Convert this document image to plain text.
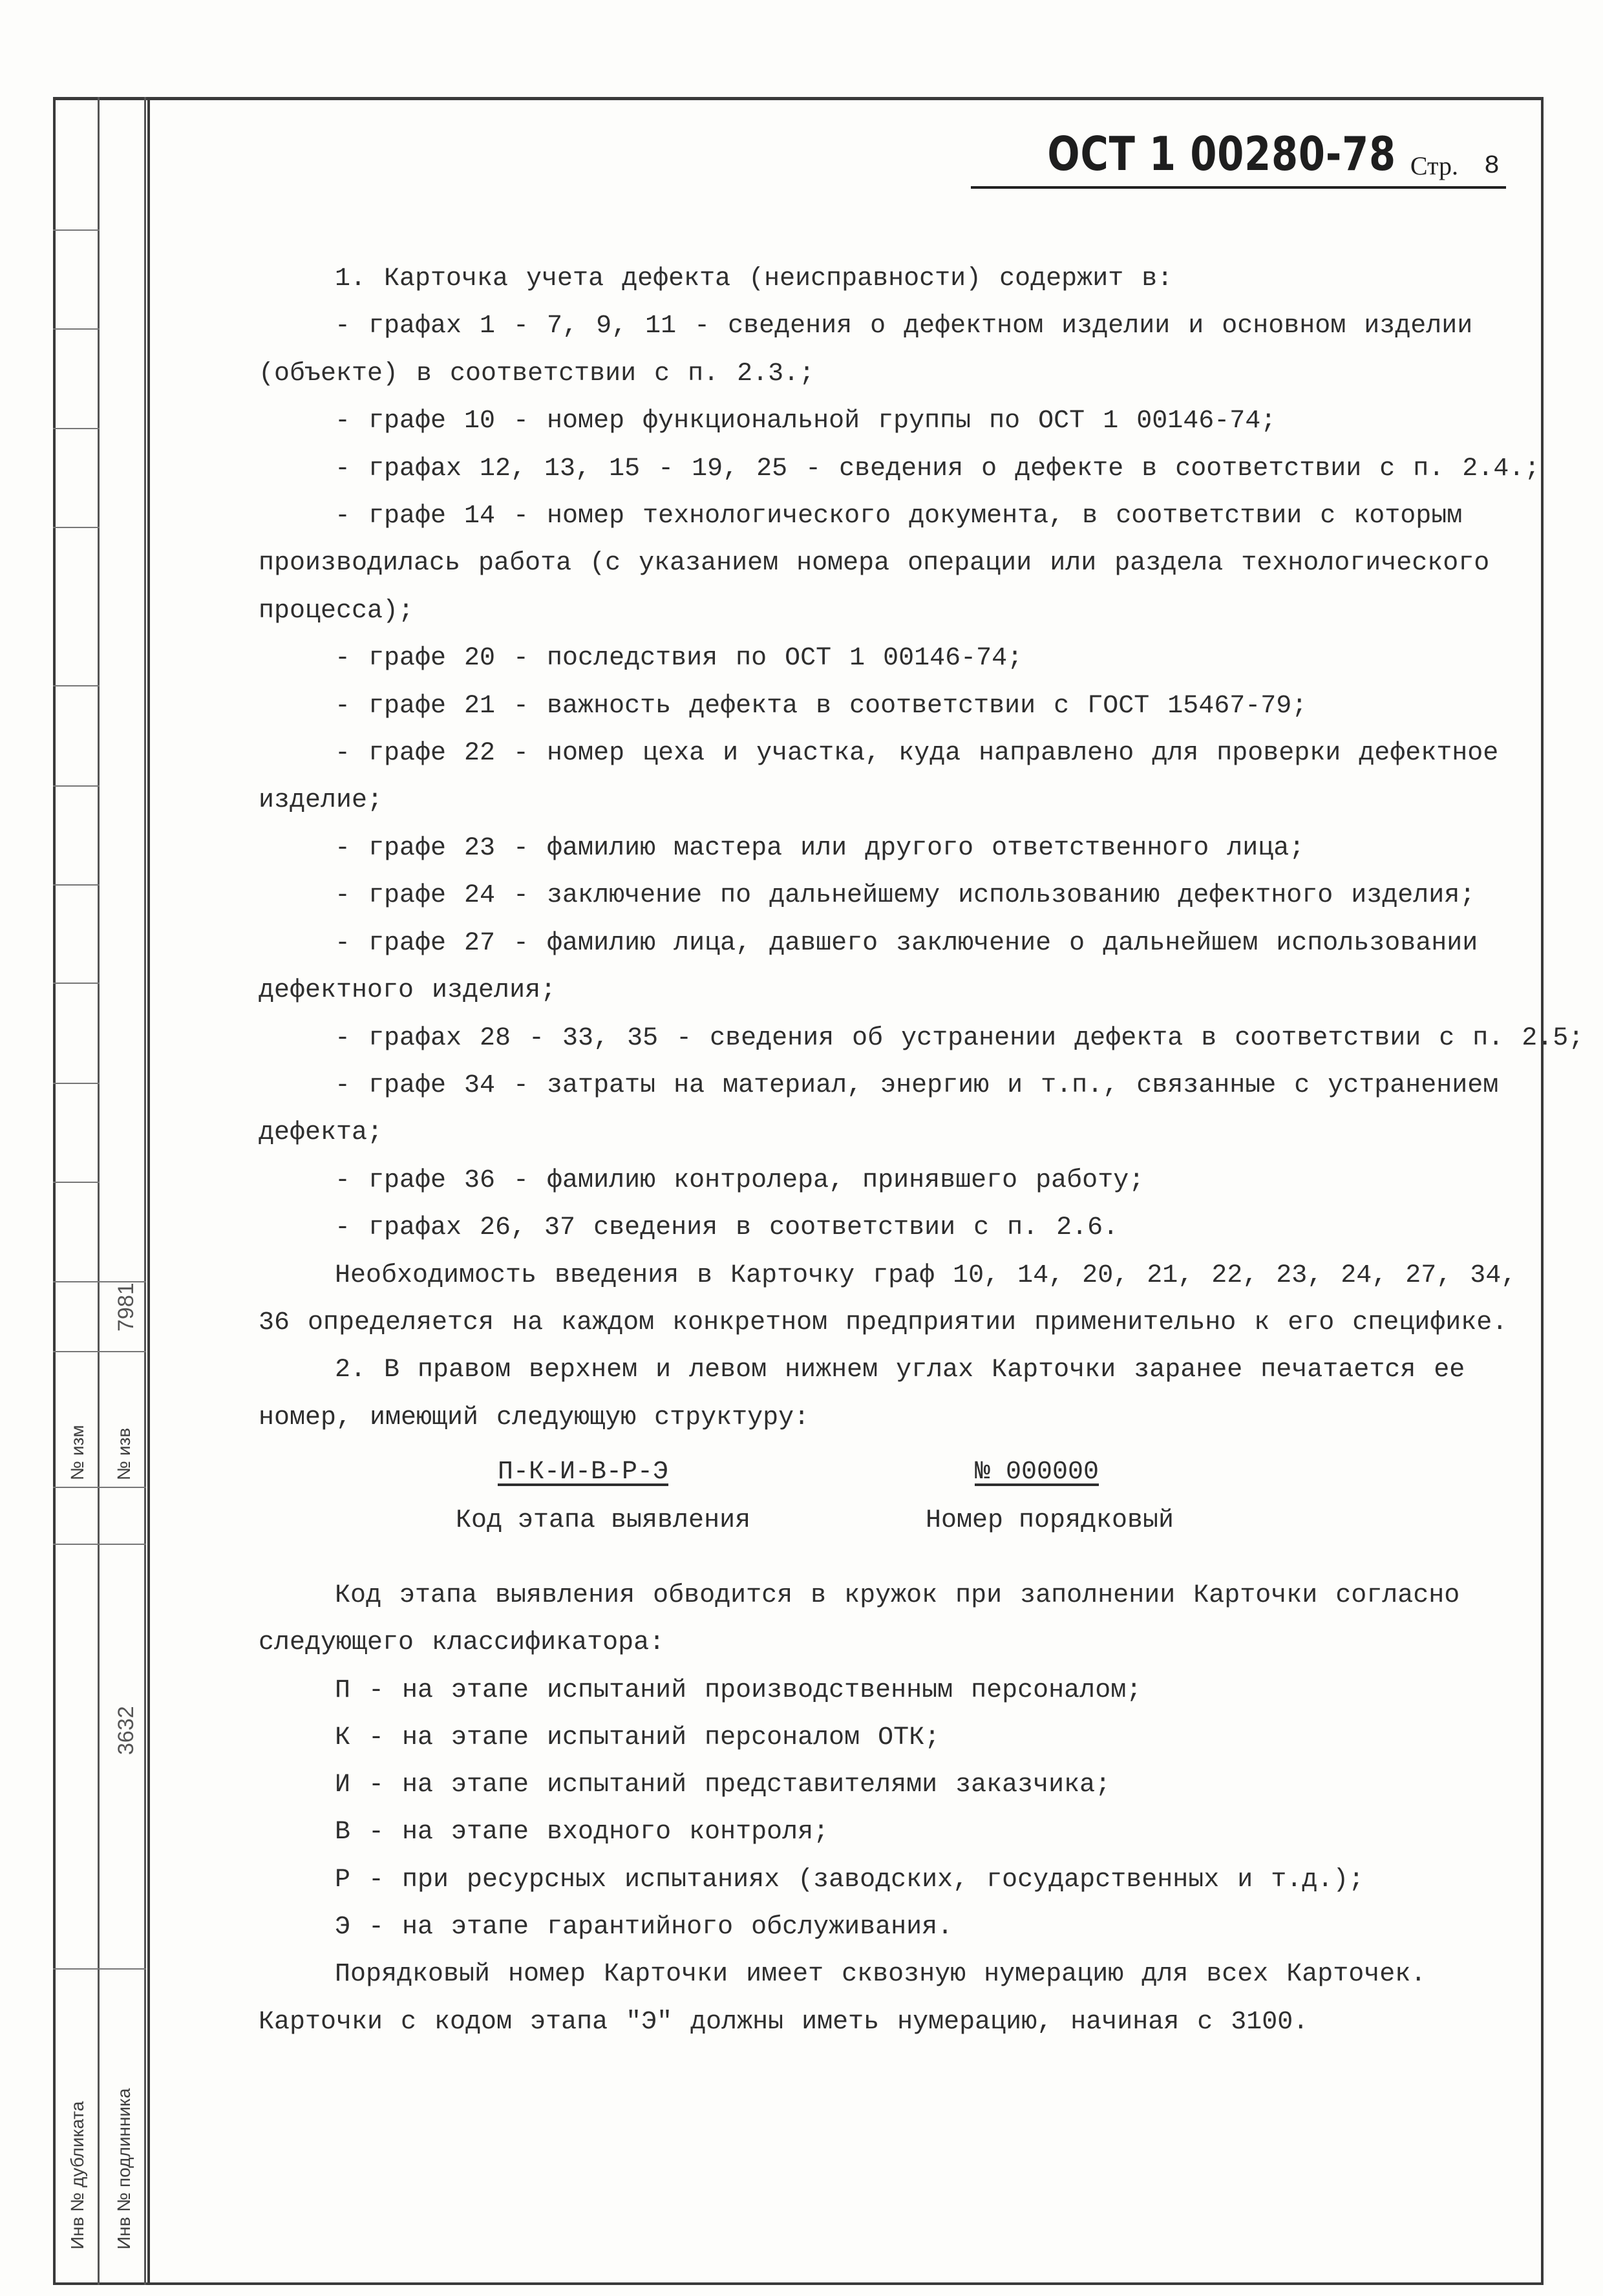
7981
№ изм № изв
3632
Инв № дубликата Инв № подлинника
ОСТ 1 00280-78 Стр. 8

1. Карточка учета дефекта (неисправности) содержит в:

- графах 1 - 7, 9, 11 - сведения о дефектном изделии и основном изделии

(объекте) в соответствии с п. 2.3.;

- графе 10 - номер функциональной группы по ОСТ 1 00146-74;

- графах 12, 13, 15 - 19, 25 - сведения о дефекте в соответствии с п. 2.4.;

- графе 14 - номер технологического документа, в соответствии с которым

производилась работа (с указанием номера операции или раздела технологического

процесса);

- графе 20 - последствия по ОСТ 1 00146-74;

- графе 21 - важность дефекта в соответствии с ГОСТ 15467-79;

- графе 22 - номер цеха и участка, куда направлено для проверки дефектное

изделие;

- графе 23 - фамилию мастера или другого ответственного лица;

- графе 24 - заключение по дальнейшему использованию дефектного изделия;

- графе 27 - фамилию лица, давшего заключение о дальнейшем использовании

дефектного изделия;

- графах 28 - 33, 35 - сведения об устранении дефекта в соответствии с п. 2.5;

- графе 34 - затраты на материал, энергию и т.п., связанные с устранением

дефекта;

- графе 36 - фамилию контролера, принявшего работу;

- графах 26, 37 сведения в соответствии с п. 2.6.

Необходимость введения в Карточку граф 10, 14, 20, 21, 22, 23, 24, 27, 34,

36 определяется на каждом конкретном предприятии применительно к его специфике.

2. В правом верхнем и левом нижнем углах Карточки заранее печатается ее

номер, имеющий следующую структуру:

П-К-И-В-Р-Э	№ 000000
Код этапа выявления	Номер порядковый

Код этапа выявления обводится в кружок при заполнении Карточки согласно

следующего классификатора:

П - на этапе испытаний производственным персоналом;

К - на этапе испытаний персоналом ОТК;

И - на этапе испытаний представителями заказчика;

В - на этапе входного контроля;

Р - при ресурсных испытаниях (заводских, государственных и т.д.);

Э - на этапе гарантийного обслуживания.

Порядковый номер Карточки имеет сквозную нумерацию для всех Карточек.

Карточки с кодом этапа "Э" должны иметь нумерацию, начиная с 3100.
